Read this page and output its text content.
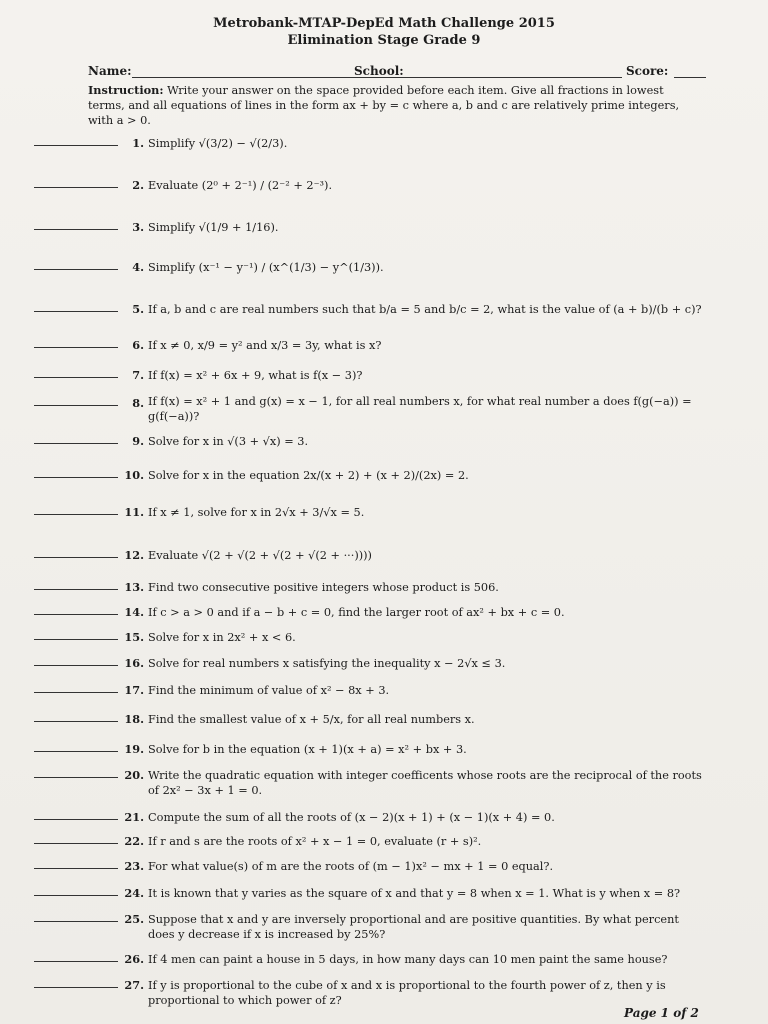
Metrobank-MTAP-DepEd Math Challenge 2015
Elimination Stage Grade 9
Name:	School:	Score:
Instruction: Write your answer on the space provided before each item. Give all fractions in lowest terms, and all equations of lines in the form ax + by = c where a, b and c are relatively prime integers, with a > 0.
1. Simplify √(3/2) − √(2/3).
2. Evaluate (2⁰ + 2⁻¹) / (2⁻² + 2⁻³).
3. Simplify √(1/9 + 1/16).
4. Simplify (x⁻¹ − y⁻¹) / (x^(1/3) − y^(1/3)).
5. If a, b and c are real numbers such that b/a = 5 and b/c = 2, what is the value of (a + b)/(b + c)?
6. If x ≠ 0, x/9 = y² and x/3 = 3y, what is x?
7. If f(x) = x² + 6x + 9, what is f(x − 3)?
8. If f(x) = x² + 1 and g(x) = x − 1, for all real numbers x, for what real number a does f(g(−a)) = g(f(−a))?
9. Solve for x in √(3 + √x) = 3.
10. Solve for x in the equation 2x/(x + 2) + (x + 2)/(2x) = 2.
11. If x ≠ 1, solve for x in 2√x + 3/√x = 5.
12. Evaluate √(2 + √(2 + √(2 + √(2 + ···))))
13. Find two consecutive positive integers whose product is 506.
14. If c > a > 0 and if a − b + c = 0, find the larger root of ax² + bx + c = 0.
15. Solve for x in 2x² + x < 6.
16. Solve for real numbers x satisfying the inequality x − 2√x ≤ 3.
17. Find the minimum of value of x² − 8x + 3.
18. Find the smallest value of x + 5/x, for all real numbers x.
19. Solve for b in the equation (x + 1)(x + a) = x² + bx + 3.
20. Write the quadratic equation with integer coefficents whose roots are the reciprocal of the roots of 2x² − 3x + 1 = 0.
21. Compute the sum of all the roots of (x − 2)(x + 1) + (x − 1)(x + 4) = 0.
22. If r and s are the roots of x² + x − 1 = 0, evaluate (r + s)².
23. For what value(s) of m are the roots of (m − 1)x² − mx + 1 = 0 equal?.
24. It is known that y varies as the square of x and that y = 8 when x = 1. What is y when x = 8?
25. Suppose that x and y are inversely proportional and are positive quantities. By what percent does y decrease if x is increased by 25%?
26. If 4 men can paint a house in 5 days, in how many days can 10 men paint the same house?
27. If y is proportional to the cube of x and x is proportional to the fourth power of z, then y is proportional to which power of z?
Page 1 of 2
